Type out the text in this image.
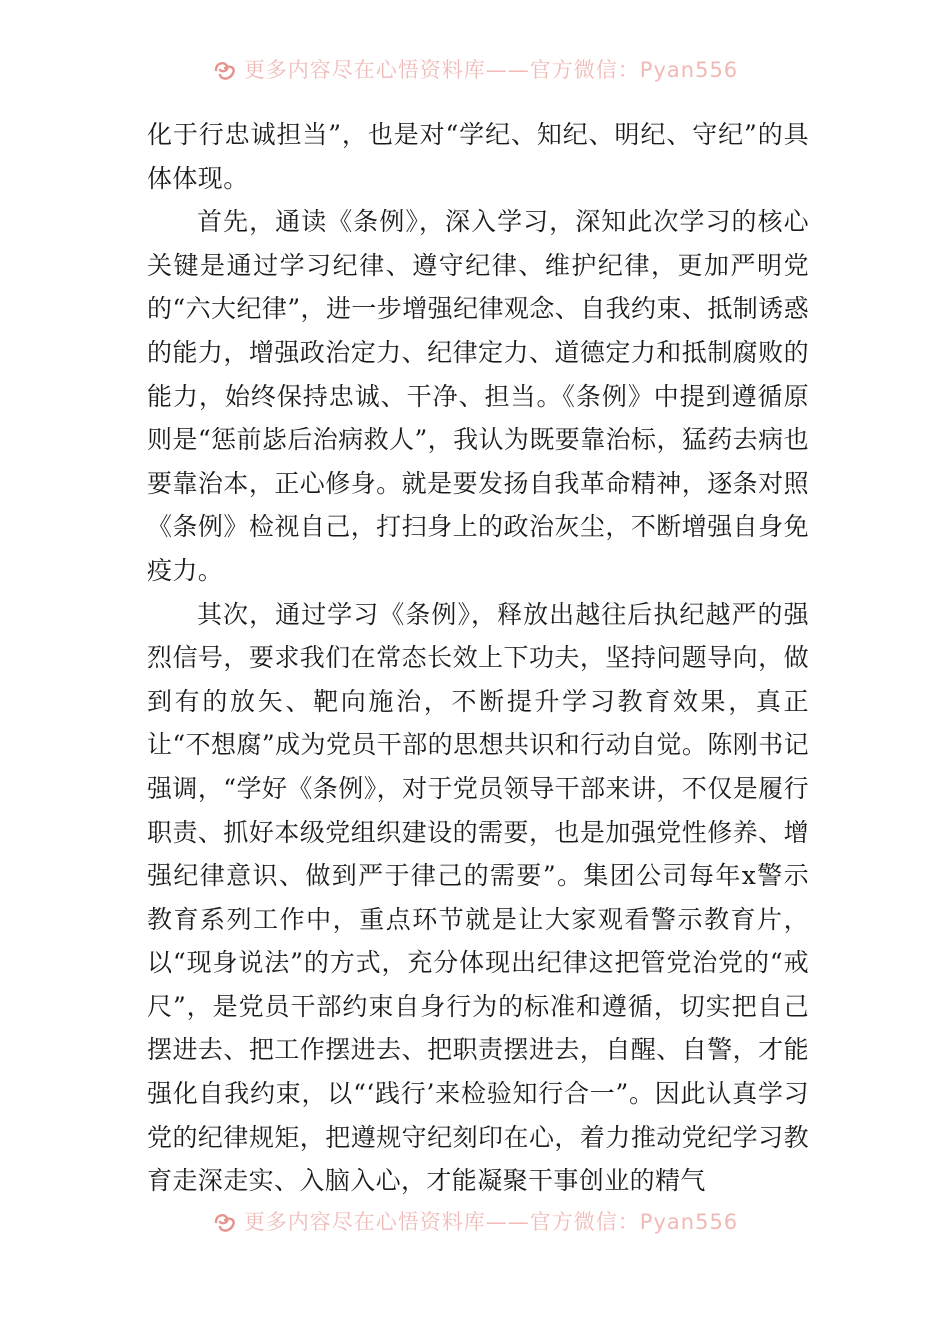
更多内容尽在心悟资料库——官方微信：Pyan556

化于行忠诚担当”，也是对“学纪、知纪、明纪、守纪”的具体体现。

首先，通读《条例》，深入学习，深知此次学习的核心关键是通过学习纪律、遵守纪律、维护纪律，更加严明党的“六大纪律”，进一步增强纪律观念、自我约束、抵制诱惑的能力，增强政治定力、纪律定力、道德定力和抵制腐败的能力，始终保持忠诚、干净、担当。《条例》中提到遵循原则是“惩前毖后治病救人”，我认为既要靠治标，猛药去病也要靠治本，正心修身。就是要发扬自我革命精神，逐条对照《条例》检视自己，打扫身上的政治灰尘，不断增强自身免疫力。

其次，通过学习《条例》，释放出越往后执纪越严的强烈信号，要求我们在常态长效上下功夫，坚持问题导向，做到有的放矢、靶向施治，不断提升学习教育效果，真正让“不想腐”成为党员干部的思想共识和行动自觉。陈刚书记强调，“学好《条例》，对于党员领导干部来讲，不仅是履行职责、抓好本级党组织建设的需要，也是加强党性修养、增强纪律意识、做到严于律己的需要”。集团公司每年x警示教育系列工作中，重点环节就是让大家观看警示教育片，以“现身说法”的方式，充分体现出纪律这把管党治党的“戒尺”，是党员干部约束自身行为的标准和遵循，切实把自己摆进去、把工作摆进去、把职责摆进去，自醒、自警，才能强化自我约束，以“‘践行’来检验知行合一”。因此认真学习党的纪律规矩，把遵规守纪刻印在心，着力推动党纪学习教育走深走实、入脑入心，才能凝聚干事创业的精气

更多内容尽在心悟资料库——官方微信：Pyan556
